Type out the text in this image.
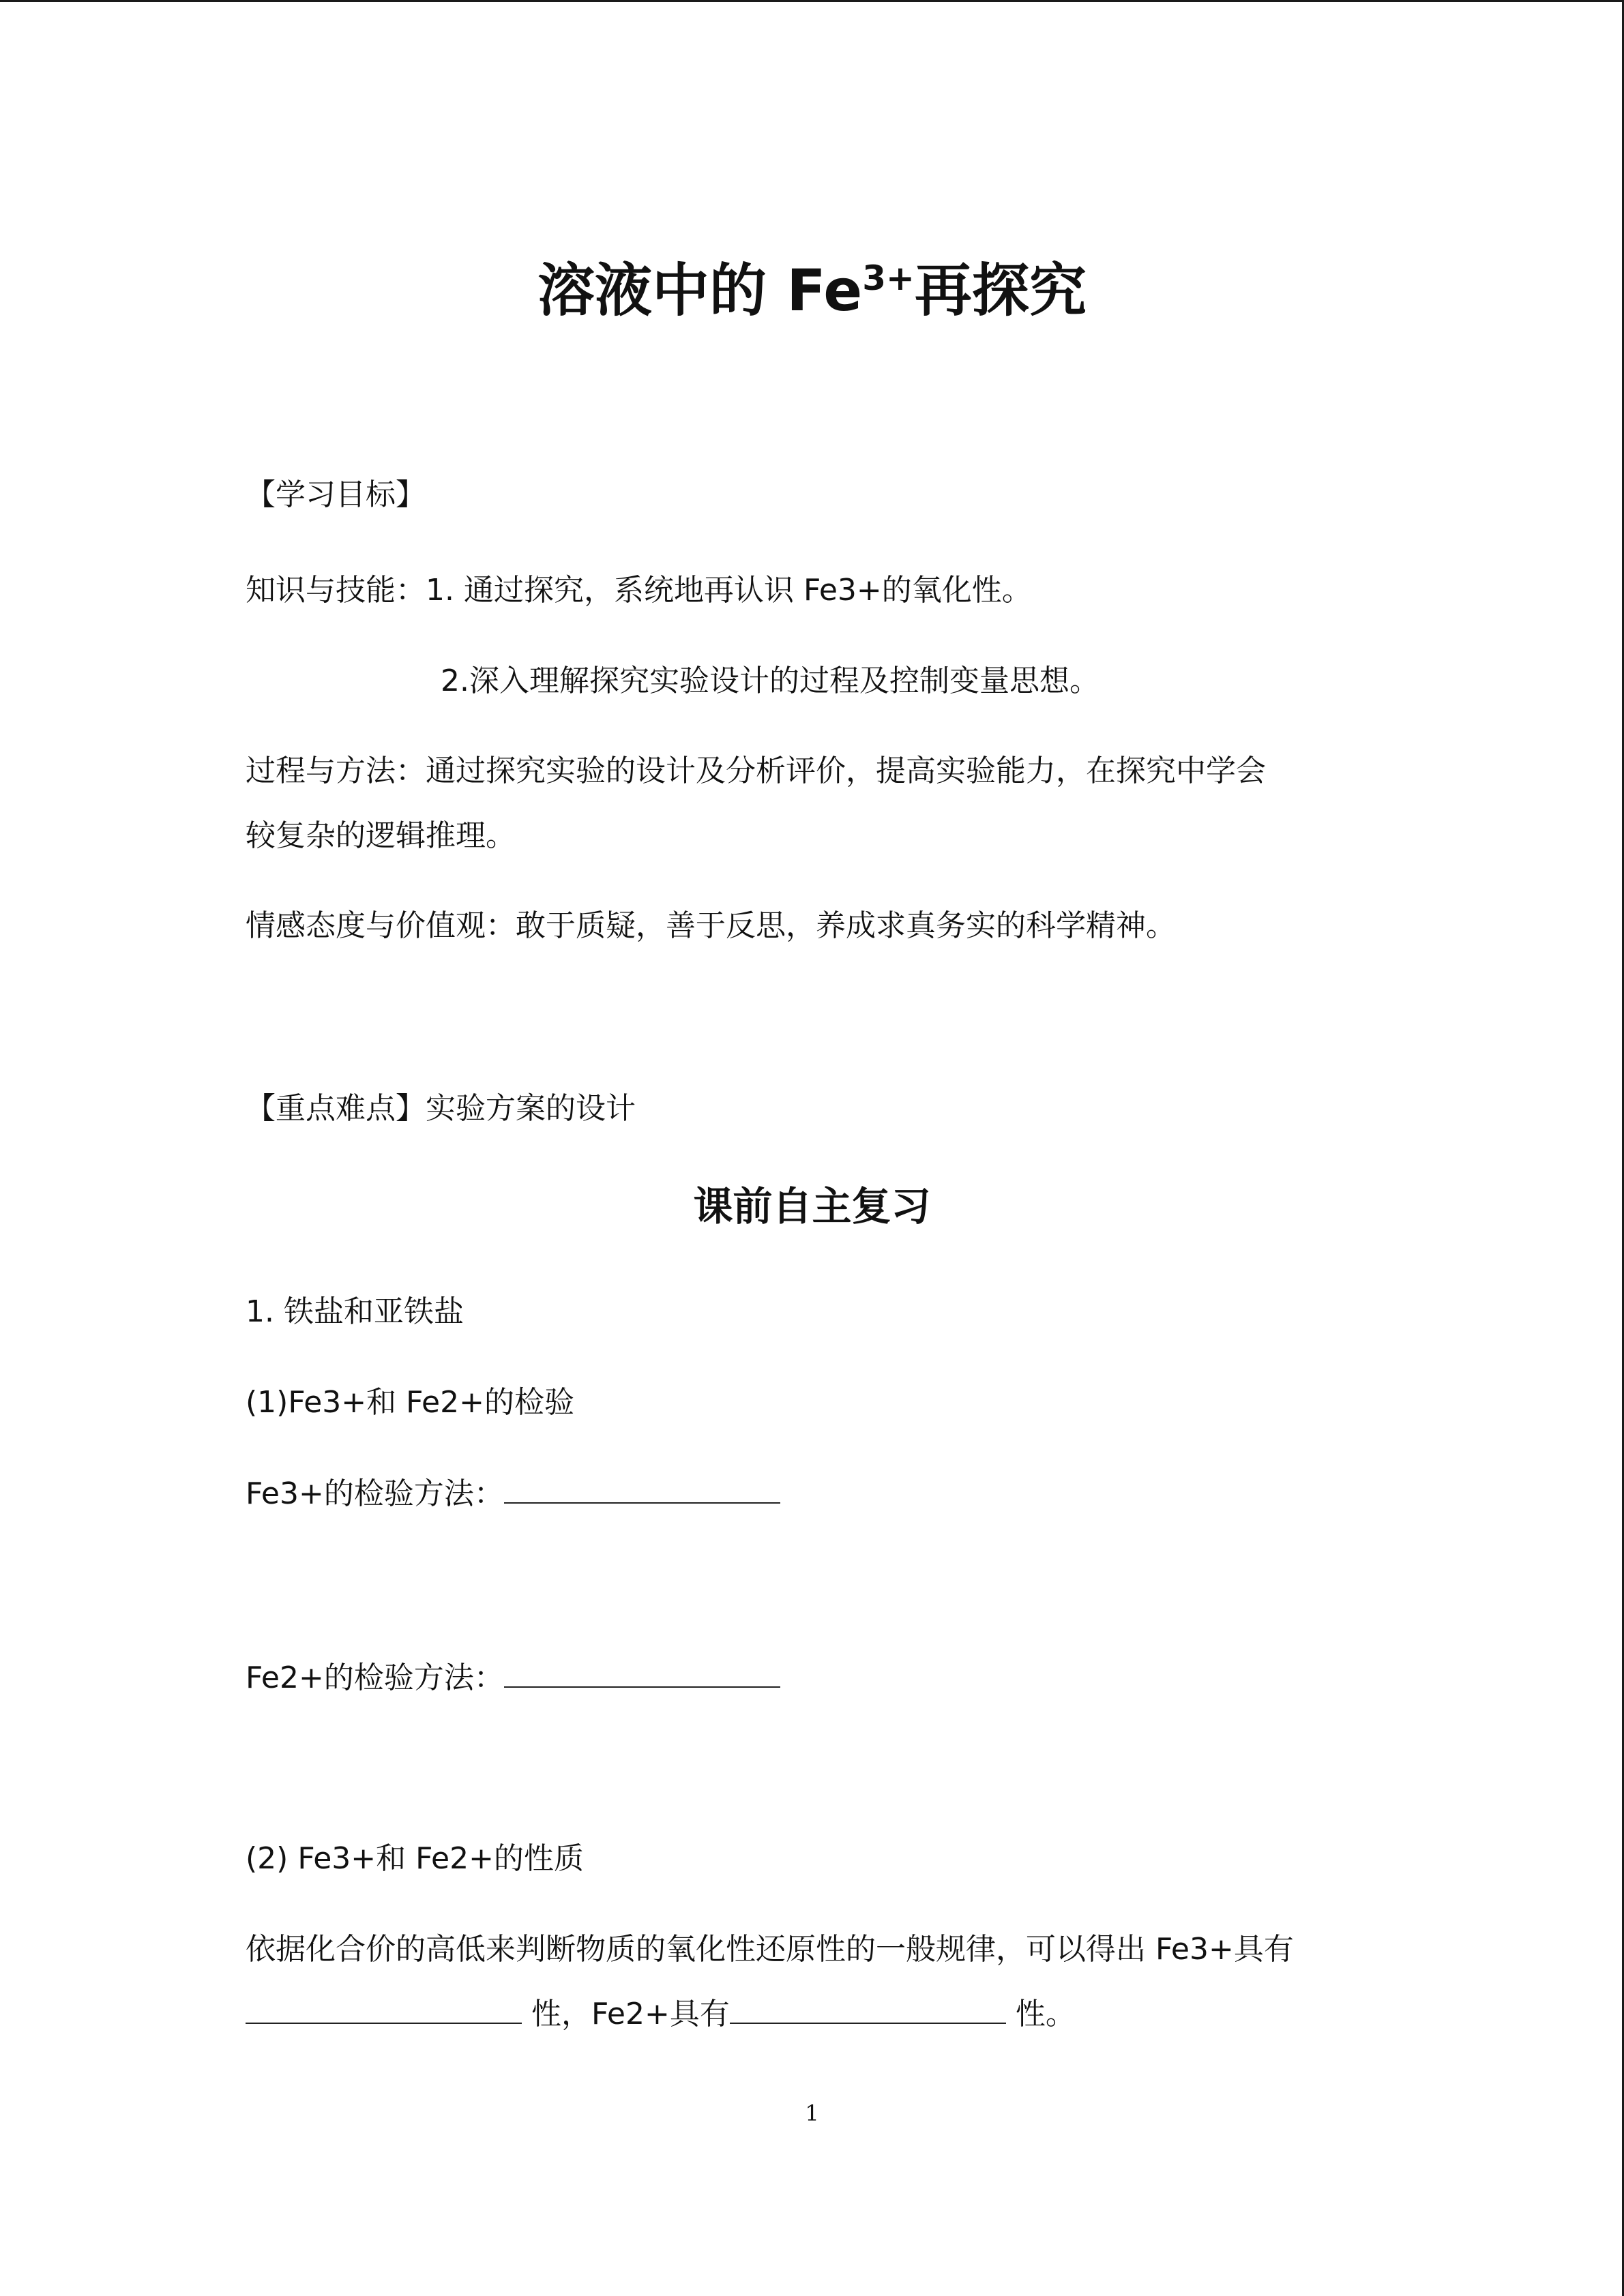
溶液中的 $Fe^{3+}$再探究
【学习目标】
知识与技能：1. 通过探究，系统地再认识 Fe3+的氧化性。
2.深入理解探究实验设计的过程及控制变量思想。
过程与方法：通过探究实验的设计及分析评价，提高实验能力，在探究中学会
较复杂的逻辑推理。
情感态度与价值观：敢于质疑，善于反思，养成求真务实的科学精神。
【重点难点】实验方案的设计
课前自主复习
1. 铁盐和亚铁盐
(1)Fe3+和 Fe2+的检验
Fe3+的检验方法：
Fe2+的检验方法：
(2) Fe3+和 Fe2+的性质
依据化合价的高低来判断物质的氧化性还原性的一般规律，可以得出 Fe3+具有
性，Fe2+具有	性。
1
